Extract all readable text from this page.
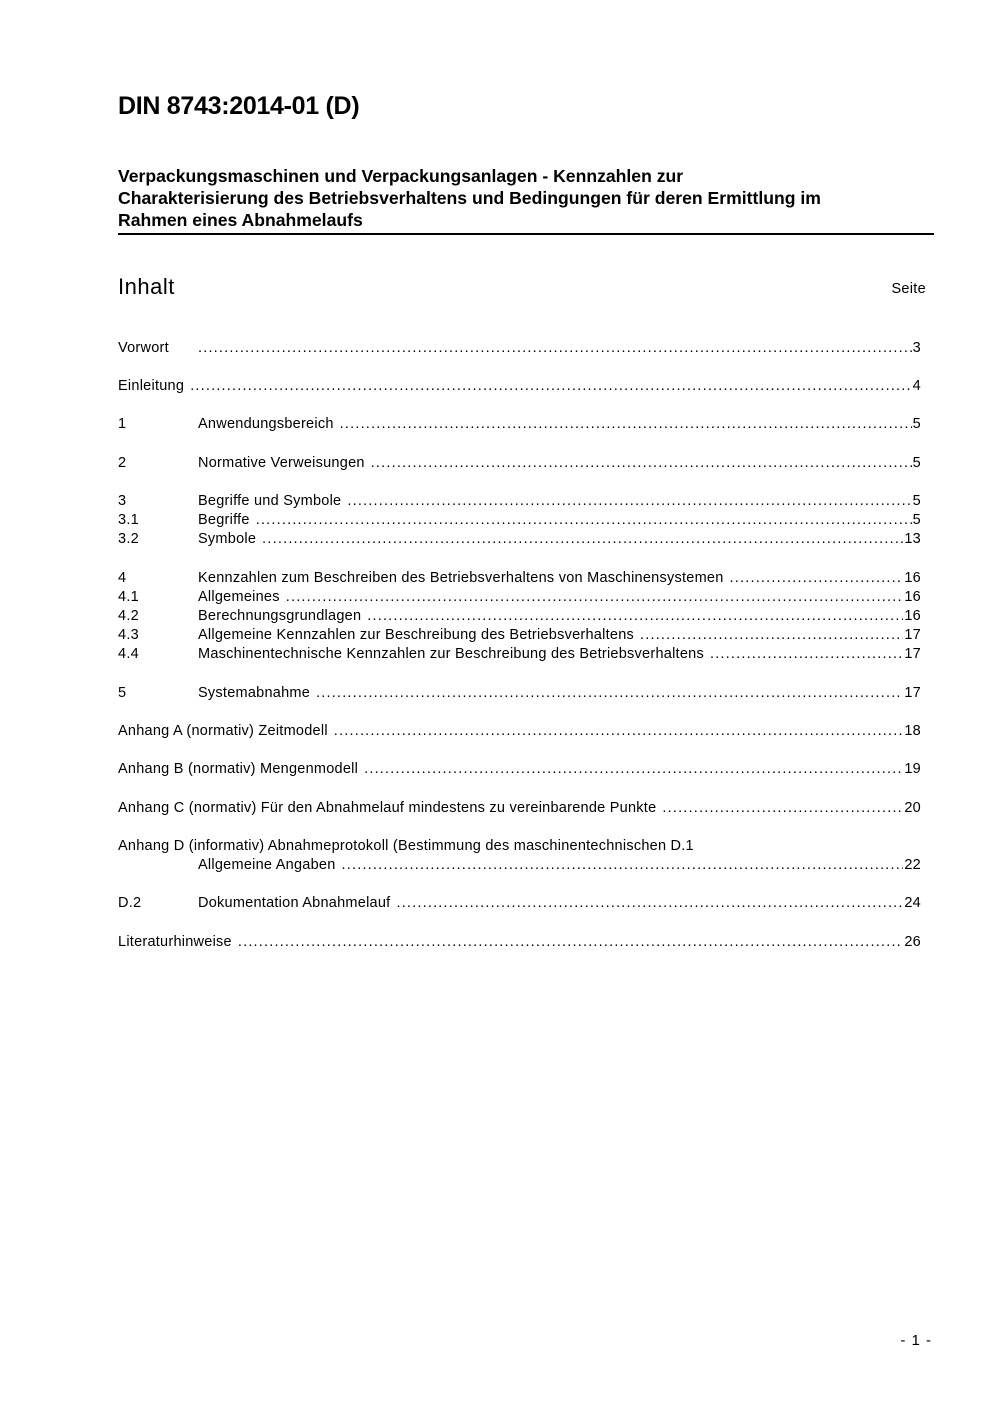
DIN 8743:2014-01 (D)
Verpackungsmaschinen und Verpackungsanlagen - Kennzahlen zur
Charakterisierung des Betriebsverhaltens und Bedingungen für deren Ermittlung im
Rahmen eines Abnahmelaufs
Inhalt	Seite
Vorwort .....	3
Einleitung .....	4
1	Anwendungsbereich .....	5
2	Normative Verweisungen .....	5
3	Begriffe und Symbole .....	5
3.1	Begriffe .....	5
3.2	Symbole .....	13
4	Kennzahlen zum Beschreiben des Betriebsverhaltens von Maschinensystemen .....	16
4.1	Allgemeines .....	16
4.2	Berechnungsgrundlagen .....	16
4.3	Allgemeine Kennzahlen zur Beschreibung des Betriebsverhaltens .....	17
4.4	Maschinentechnische Kennzahlen zur Beschreibung des Betriebsverhaltens .....	17
5	Systemabnahme .....	17
Anhang A (normativ) Zeitmodell .....	18
Anhang B (normativ) Mengenmodell .....	19
Anhang C (normativ) Für den Abnahmelauf mindestens zu vereinbarende Punkte .....	20
Anhang D (informativ) Abnahmeprotokoll (Bestimmung des maschinentechnischen D.1
Allgemeine Angaben .....	22
D.2	Dokumentation Abnahmelauf .....	24
Literaturhinweise .....	26
- 1 -
